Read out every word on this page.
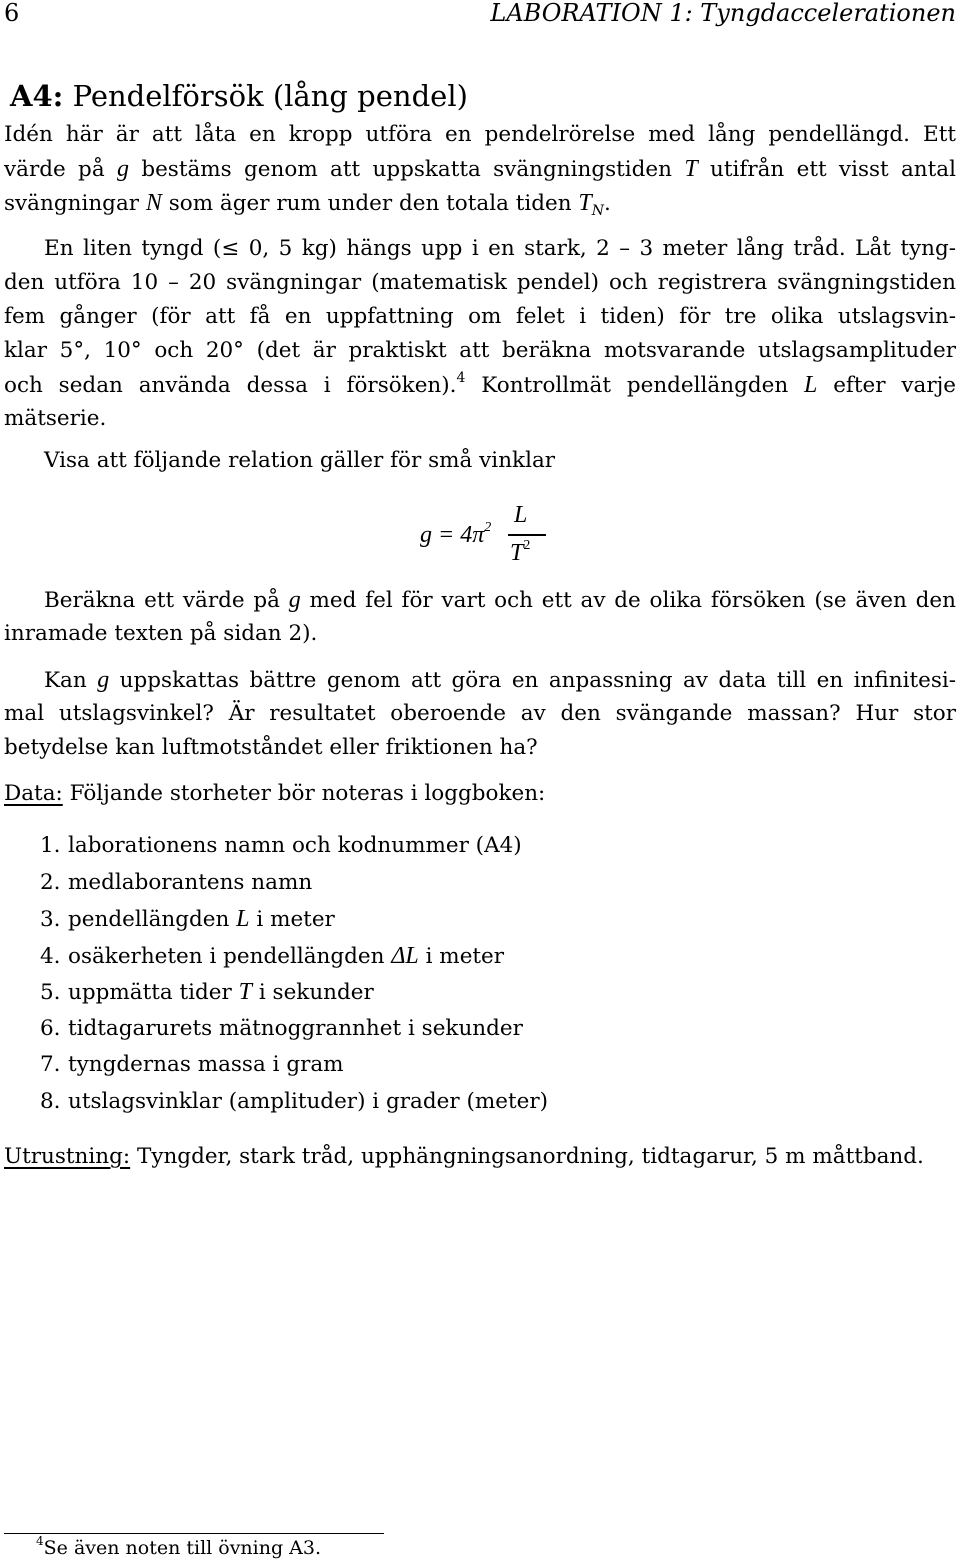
6	LABORATION 1: Tyngdaccelerationen
A4: Pendelförsök (lång pendel)
Idén här är att låta en kropp utföra en pendelrörelse med lång pendellängd. Ett
värde på g bestäms genom att uppskatta svängningstiden T utifrån ett visst antal
svängningar N som äger rum under den totala tiden $T_N$.
En liten tyngd (≤ 0, 5 kg) hängs upp i en stark, 2 – 3 meter lång tråd. Låt tyng-
den utföra 10 – 20 svängningar (matematisk pendel) och registrera svängningstiden
fem gånger (för att få en uppfattning om felet i tiden) för tre olika utslagsvin-
klar 5°, 10° och 20° (det är praktiskt att beräkna motsvarande utslagsamplituder
och sedan använda dessa i försöken).$^4$ Kontrollmät pendellängden L efter varje
mätserie.
Visa att följande relation gäller för små vinklar
$g = 4\pi^2$ L
$T^2$
Beräkna ett värde på g med fel för vart och ett av de olika försöken (se även den
inramade texten på sidan 2).
Kan g uppskattas bättre genom att göra en anpassning av data till en infinitesi-
mal utslagsvinkel? Är resultatet oberoende av den svängande massan? Hur stor
betydelse kan luftmotståndet eller friktionen ha?
Data: Följande storheter bör noteras i loggboken:
1. laborationens namn och kodnummer (A4)
2. medlaborantens namn
3. pendellängden L i meter
4. osäkerheten i pendellängden ΔL i meter
5. uppmätta tider T i sekunder
6. tidtagarurets mätnoggrannhet i sekunder
7. tyngdernas massa i gram
8. utslagsvinklar (amplituder) i grader (meter)
Utrustning: Tyngder, stark tråd, upphängningsanordning, tidtagarur, 5 m måttband.
$^4$Se även noten till övning A3.
